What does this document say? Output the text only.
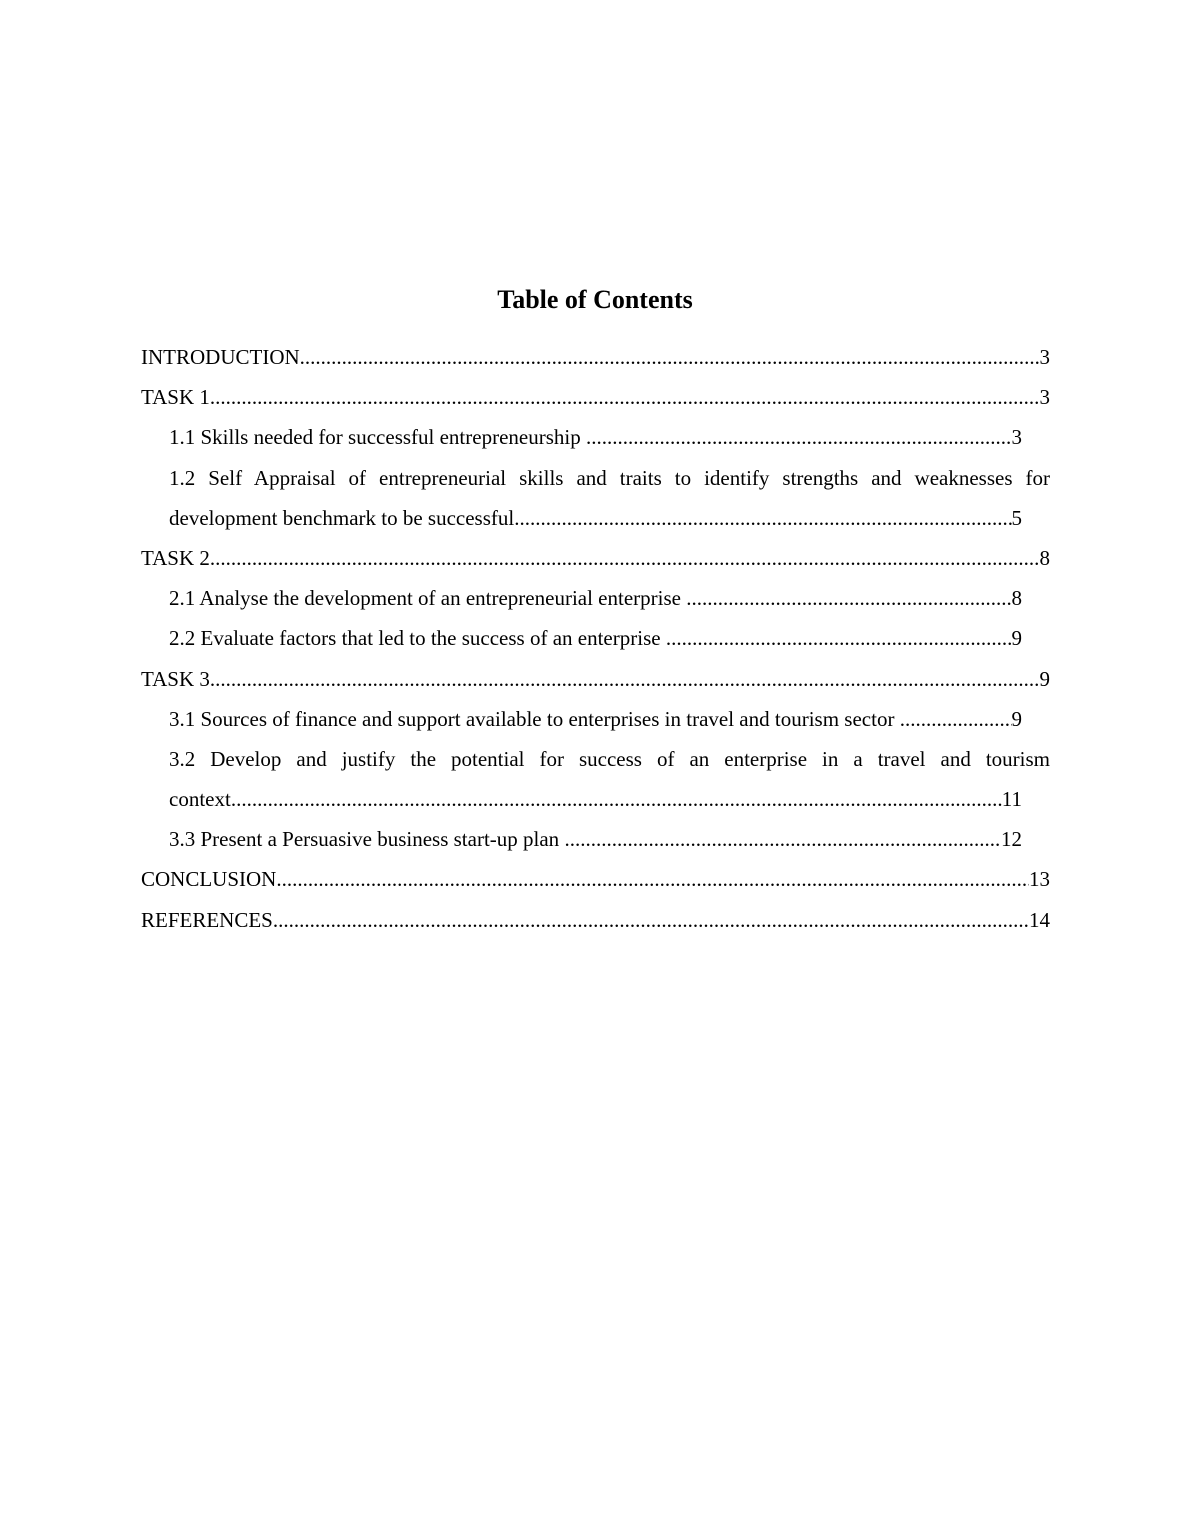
Table of Contents
INTRODUCTION .....	3
TASK 1 .....	3
1.1 Skills needed for successful entrepreneurship .....	3
1.2 Self Appraisal of entrepreneurial skills and traits to identify strengths and weaknesses for
development benchmark to be successful .....	5
TASK 2 .....	8
2.1 Analyse the development of an entrepreneurial enterprise .....	8
2.2 Evaluate factors that led to the success of an enterprise .....	9
TASK 3 .....	9
3.1 Sources of finance and support available to enterprises in travel and tourism sector .....	9
3.2 Develop and justify the potential for success of an enterprise in a travel and tourism
context .....	11
3.3 Present a Persuasive business start-up plan .....	12
CONCLUSION .....	13
REFERENCES .....	14
